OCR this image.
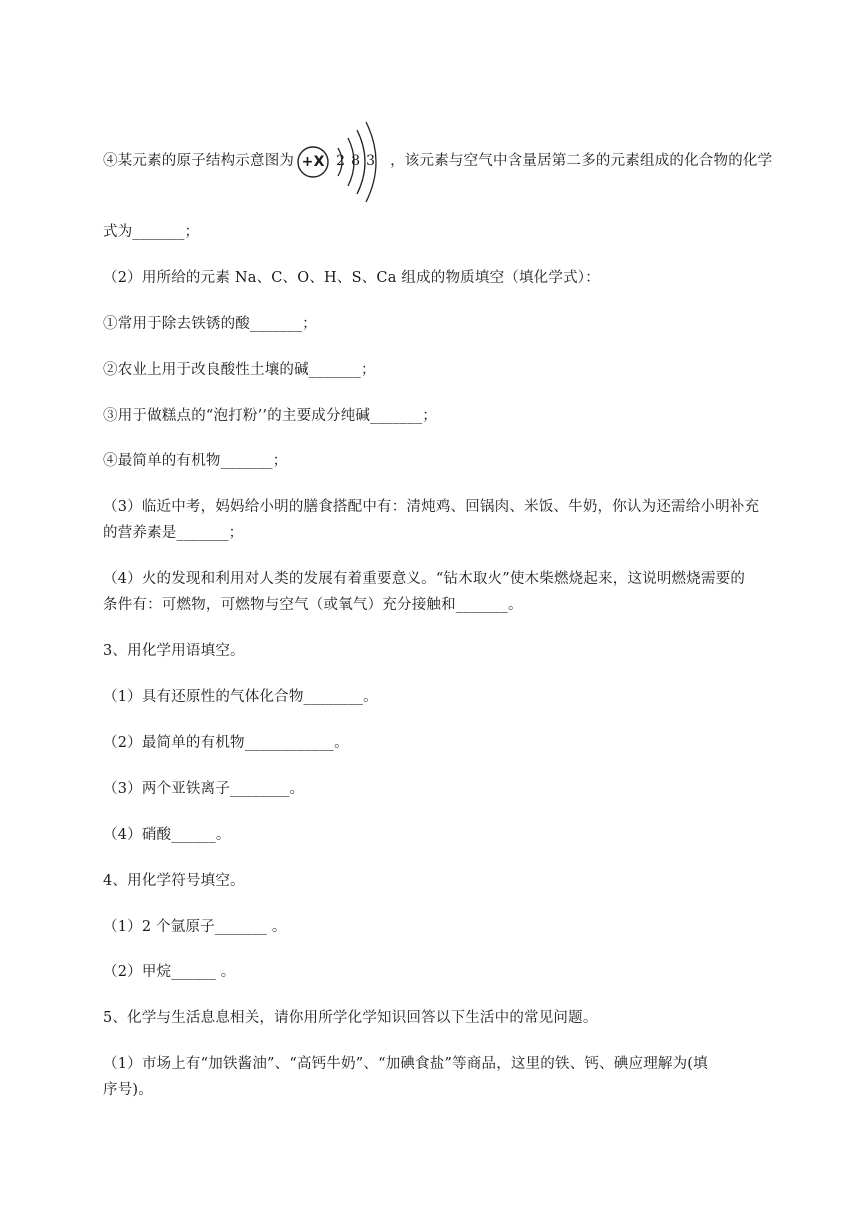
④某元素的原子结构示意图为 +X 2 8 3 ，该元素与空气中含量居第二多的元素组成的化合物的化学
式为_______；
（2）用所给的元素 Na、C、O、H、S、Ca 组成的物质填空（填化学式）：
①常用于除去铁锈的酸_______；
②农业上用于改良酸性土壤的碱_______；
③用于做糕点的“泡打粉’’的主要成分纯碱_______；
④最简单的有机物_______；
（3）临近中考，妈妈给小明的膳食搭配中有：清炖鸡、回锅肉、米饭、牛奶，你认为还需给小明补充
的营养素是_______；
（4）火的发现和利用对人类的发展有着重要意义。“钻木取火”使木柴燃烧起来，这说明燃烧需要的
条件有：可燃物，可燃物与空气（或氧气）充分接触和_______。
3、用化学用语填空。
（1）具有还原性的气体化合物________。
（2）最简单的有机物____________。
（3）两个亚铁离子________。
（4）硝酸______。
4、用化学符号填空。
（1）2 个氩原子_______ 。
（2）甲烷______ 。
5、化学与生活息息相关，请你用所学化学知识回答以下生活中的常见问题。
（1）市场上有“加铁酱油”、“高钙牛奶”、“加碘食盐”等商品，这里的铁、钙、碘应理解为(填
序号)。
